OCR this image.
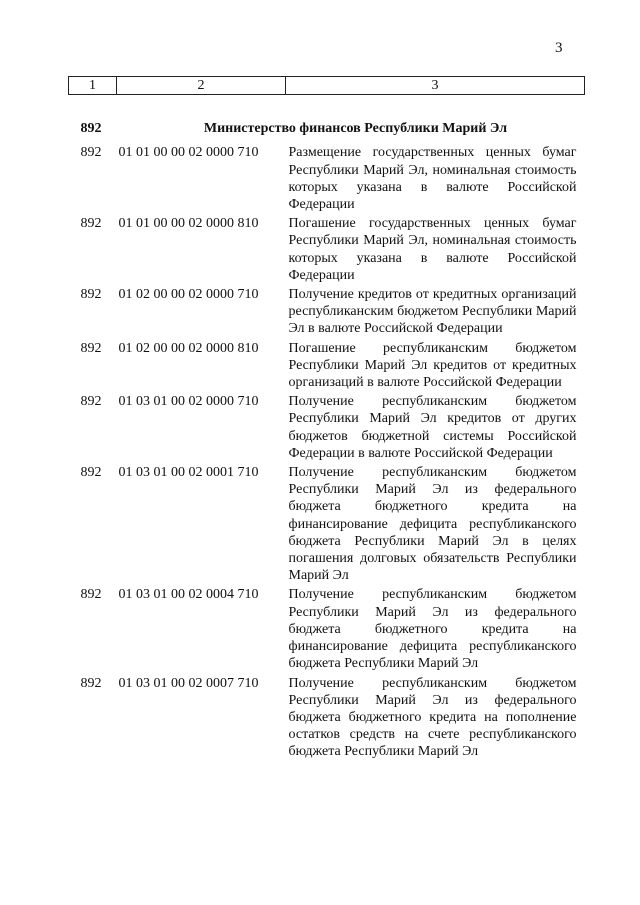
3
1	2	3
892	Министерство финансов Республики Марий Эл	
892	01 01 00 00 02 0000 710	Размещение государственных ценных бумаг Республики Марий Эл, номинальная стоимость которых указана в валюте Российской Федерации
892	01 01 00 00 02 0000 810	Погашение государственных ценных бумаг Республики Марий Эл, номинальная стоимость которых указана в валюте Российской Федерации
892	01 02 00 00 02 0000 710	Получение кредитов от кредитных организаций республиканским бюджетом Республики Марий Эл в валюте Российской Федерации
892	01 02 00 00 02 0000 810	Погашение республиканским бюджетом Республики Марий Эл кредитов от кредитных организаций в валюте Российской Федерации
892	01 03 01 00 02 0000 710	Получение республиканским бюджетом Республики Марий Эл кредитов от других бюджетов бюджетной системы Российской Федерации в валюте Российской Федерации
892	01 03 01 00 02 0001 710	Получение республиканским бюджетом Республики Марий Эл из федерального бюджета бюджетного кредита на финансирование дефицита республиканского бюджета Республики Марий Эл в целях погашения долговых обязательств Республики Марий Эл
892	01 03 01 00 02 0004 710	Получение республиканским бюджетом Республики Марий Эл из федерального бюджета бюджетного кредита на финансирование дефицита республиканского бюджета Республики Марий Эл
892	01 03 01 00 02 0007 710	Получение республиканским бюджетом Республики Марий Эл из федерального бюджета бюджетного кредита на пополнение остатков средств на счете республиканского бюджета Республики Марий Эл
